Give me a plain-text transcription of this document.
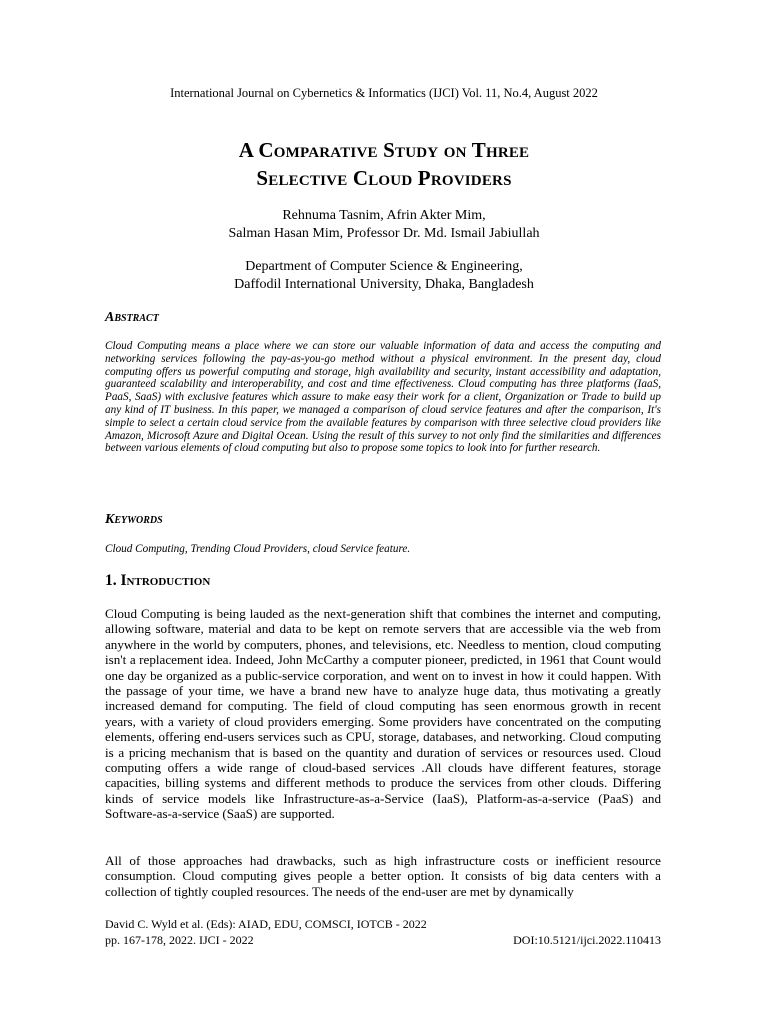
International Journal on Cybernetics & Informatics (IJCI) Vol. 11, No.4, August 2022
A Comparative Study on Three
Selective Cloud Providers
Rehnuma Tasnim, Afrin Akter Mim,
Salman Hasan Mim, Professor Dr. Md. Ismail Jabiullah
Department of Computer Science & Engineering,
Daffodil International University, Dhaka, Bangladesh
Abstract
Cloud Computing means a place where we can store our valuable information of data and access the computing and networking services following the pay-as-you-go method without a physical environment. In the present day, cloud computing offers us powerful computing and storage, high availability and security, instant accessibility and adaptation, guaranteed scalability and interoperability, and cost and time effectiveness. Cloud computing has three platforms (IaaS, PaaS, SaaS) with exclusive features which assure to make easy their work for a client, Organization or Trade to build up any kind of IT business. In this paper, we managed a comparison of cloud service features and after the comparison, It's simple to select a certain cloud service from the available features by comparison with three selective cloud providers like Amazon, Microsoft Azure and Digital Ocean. Using the result of this survey to not only find the similarities and differences between various elements of cloud computing but also to propose some topics to look into for further research.
Keywords
Cloud Computing, Trending Cloud Providers, cloud Service feature.
1. Introduction
Cloud Computing is being lauded as the next-generation shift that combines the internet and computing, allowing software, material and data to be kept on remote servers that are accessible via the web from anywhere in the world by computers, phones, and televisions, etc. Needless to mention, cloud computing isn't a replacement idea. Indeed, John McCarthy a computer pioneer, predicted, in 1961 that Count would one day be organized as a public-service corporation, and went on to invest in how it could happen. With the passage of your time, we have a brand new have to analyze huge data, thus motivating a greatly increased demand for computing. The field of cloud computing has seen enormous growth in recent years, with a variety of cloud providers emerging. Some providers have concentrated on the computing elements, offering end-users services such as CPU, storage, databases, and networking. Cloud computing is a pricing mechanism that is based on the quantity and duration of services or resources used. Cloud computing offers a wide range of cloud-based services .All clouds have different features, storage capacities, billing systems and different methods to produce the services from other clouds. Differing kinds of service models like Infrastructure-as-a-Service (IaaS), Platform-as-a-service (PaaS) and Software-as-a-service (SaaS) are supported.
All of those approaches had drawbacks, such as high infrastructure costs or inefficient resource consumption. Cloud computing gives people a better option. It consists of big data centers with a collection of tightly coupled resources. The needs of the end-user are met by dynamically
David C. Wyld et al. (Eds): AIAD, EDU, COMSCI, IOTCB - 2022
pp. 167-178, 2022. IJCI - 2022	DOI:10.5121/ijci.2022.110413
